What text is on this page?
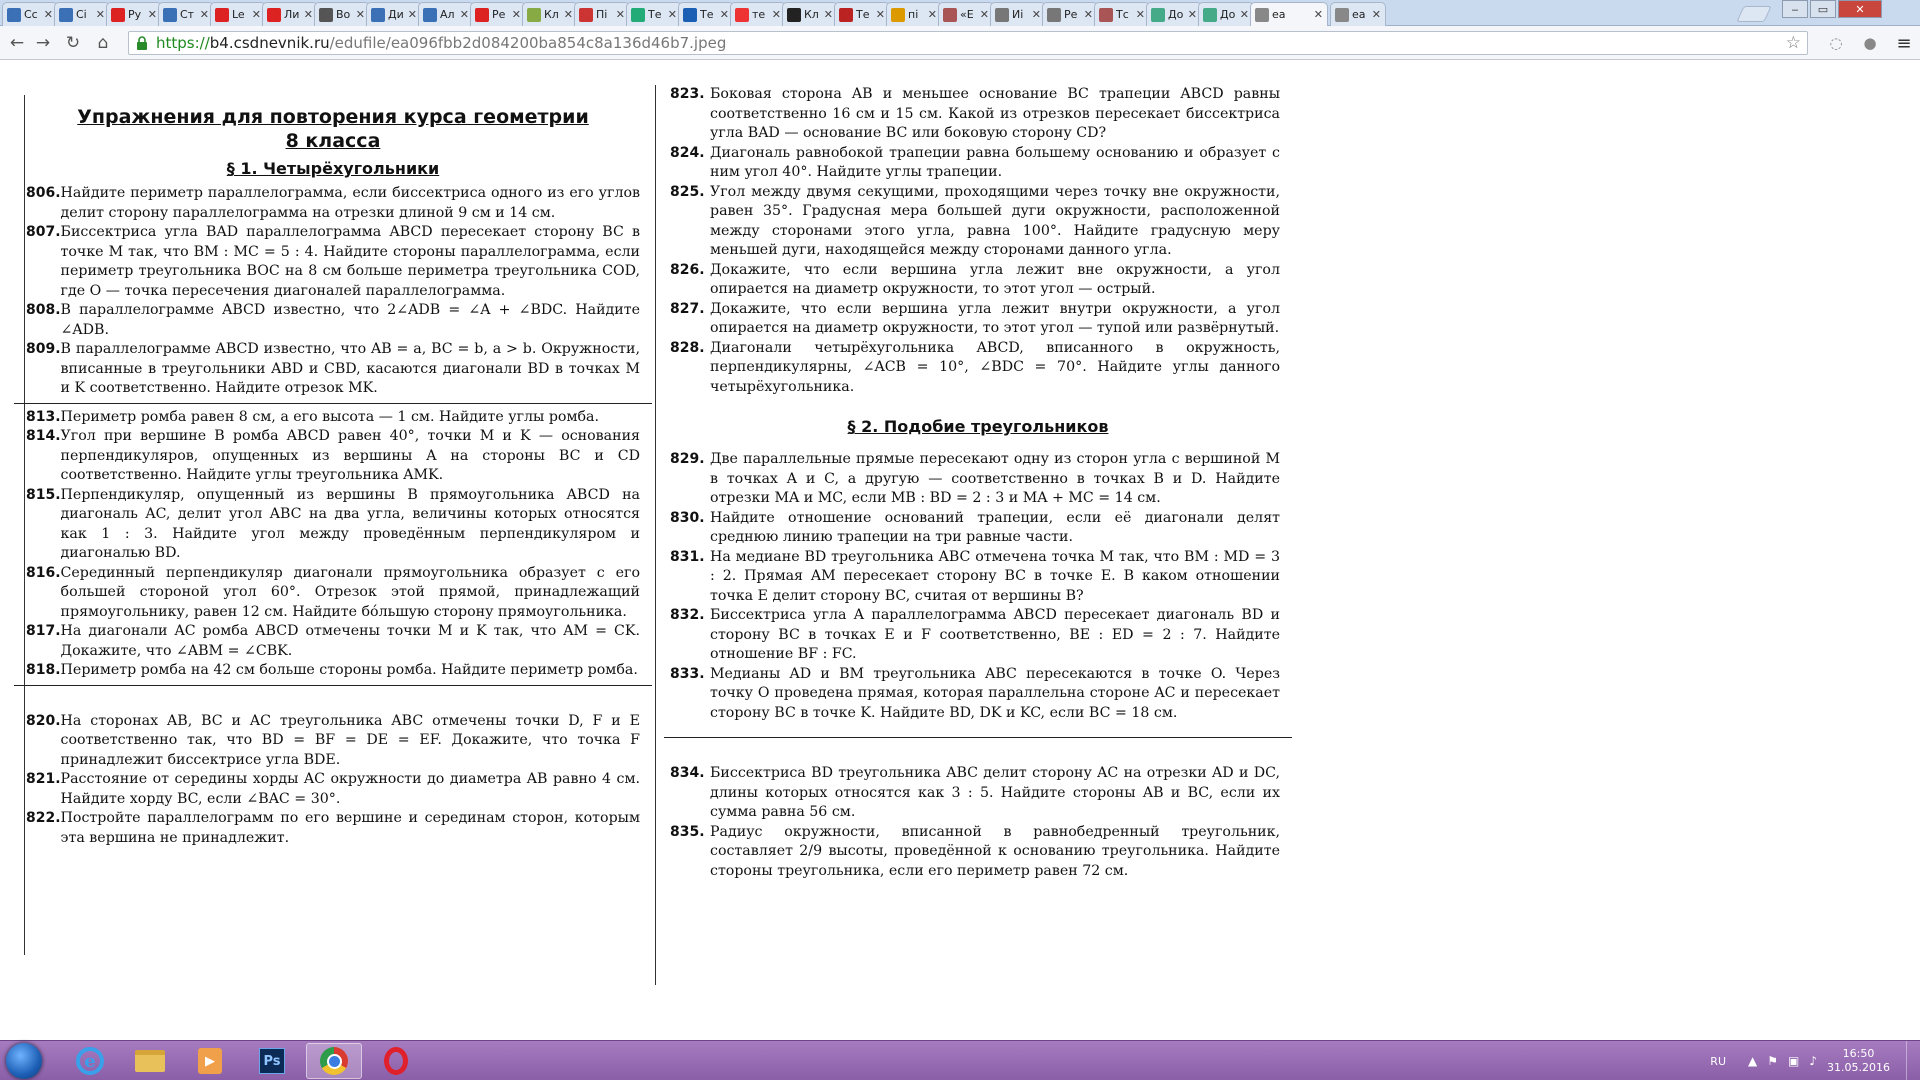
‒	▭	✕
Сс ✕ Сі ✕ Ру ✕ Ст ✕ Le ✕ Ли ✕ Во ✕ Ди ✕ Ал ✕ Ре ✕ Кл ✕ Пі ✕ Те ✕ Те ✕ те ✕ Кл ✕ Те ✕ пі ✕ «Е ✕ Иі ✕ Ре ✕ Тс ✕ До ✕ До ✕ ea	✕	ea ✕
← → ↻ ⌂	https:// b4.csdnevnik.ru /edufile/ea096fbb2d084200ba854c8a136d46b7.jpeg	☆ ◌ ● ≡
Упражнения для повторения курса геометрии
8 класса
§ 1. Четырёхугольники
806. Найдите периметр параллелограмма, если биссектриса одного из его углов делит сторону параллелограмма на отрезки длиной 9 см и 14 см.
807. Биссектриса угла BAD параллелограмма ABCD пересекает сторону BC в точке M так, что BM : MC = 5 : 4. Найдите стороны параллелограмма, если периметр треугольника BOC на 8 см больше периметра треугольника COD, где O — точка пересечения диагоналей параллелограмма.
808. В параллелограмме ABCD известно, что 2∠ADB = ∠A + ∠BDC. Найдите ∠ADB.
809. В параллелограмме ABCD известно, что AB = a, BC = b, a > b. Окружности, вписанные в треугольники ABD и CBD, касаются диагонали BD в точках M и K соответственно. Найдите отрезок MK.
813. Периметр ромба равен 8 см, а его высота — 1 см. Найдите углы ромба.
814. Угол при вершине B ромба ABCD равен 40°, точки M и K — основания перпендикуляров, опущенных из вершины A на стороны BC и CD соответственно. Найдите углы треугольника AMK.
815. Перпендикуляр, опущенный из вершины B прямоугольника ABCD на диагональ AC, делит угол ABC на два угла, величины которых относятся как 1 : 3. Найдите угол между проведённым перпендикуляром и диагональю BD.
816. Серединный перпендикуляр диагонали прямоугольника образует с его большей стороной угол 60°. Отрезок этой прямой, принадлежащий прямоугольнику, равен 12 см. Найдите бóльшую сторону прямоугольника.
817. На диагонали AC ромба ABCD отмечены точки M и K так, что AM = CK. Докажите, что ∠ABM = ∠CBK.
818. Периметр ромба на 42 см больше стороны ромба. Найдите периметр ромба.
820. На сторонах AB, BC и AC треугольника ABC отмечены точки D, F и E соответственно так, что BD = BF = DE = EF. Докажите, что точка F принадлежит биссектрисе угла BDE.
821. Расстояние от середины хорды AC окружности до диаметра AB равно 4 см. Найдите хорду BC, если ∠BAC = 30°.
822. Постройте параллелограмм по его вершине и серединам сторон, которым эта вершина не принадлежит.
823. Боковая сторона AB и меньшее основание BC трапеции ABCD равны соответственно 16 см и 15 см. Какой из отрезков пересекает биссектриса угла BAD — основание BC или боковую сторону CD?
824. Диагональ равнобокой трапеции равна большему основанию и образует с ним угол 40°. Найдите углы трапеции.
825. Угол между двумя секущими, проходящими через точку вне окружности, равен 35°. Градусная мера большей дуги окружности, расположенной между сторонами этого угла, равна 100°. Найдите градусную меру меньшей дуги, находящейся между сторонами данного угла.
826. Докажите, что если вершина угла лежит вне окружности, а угол опирается на диаметр окружности, то этот угол — острый.
827. Докажите, что если вершина угла лежит внутри окружности, а угол опирается на диаметр окружности, то этот угол — тупой или развёрнутый.
828. Диагонали четырёхугольника ABCD, вписанного в окружность, перпендикулярны, ∠ACB = 10°, ∠BDC = 70°. Найдите углы данного четырёхугольника.
§ 2. Подобие треугольников
829. Две параллельные прямые пересекают одну из сторон угла с вершиной M в точках A и C, а другую — соответственно в точках B и D. Найдите отрезки MA и MC, если MB : BD = 2 : 3 и MA + MC = 14 см.
830. Найдите отношение оснований трапеции, если её диагонали делят среднюю линию трапеции на три равные части.
831. На медиане BD треугольника ABC отмечена точка M так, что BM : MD = 3 : 2. Прямая AM пересекает сторону BC в точке E. В каком отношении точка E делит сторону BC, считая от вершины B?
832. Биссектриса угла A параллелограмма ABCD пересекает диагональ BD и сторону BC в точках E и F соответственно, BE : ED = 2 : 7. Найдите отношение BF : FC.
833. Медианы AD и BM треугольника ABC пересекаются в точке O. Через точку O проведена прямая, которая параллельна стороне AC и пересекает сторону BC в точке K. Найдите BD, DK и KC, если BC = 18 см.
834. Биссектриса BD треугольника ABC делит сторону AC на отрезки AD и DC, длины которых относятся как 3 : 5. Найдите стороны AB и BC, если их сумма равна 56 см.
835. Радиус окружности, вписанной в равнобедренный треугольник, составляет 2/9 высоты, проведённой к основанию треугольника. Найдите стороны треугольника, если его периметр равен 72 см.
e	▶	Ps	RU ▲ ⚑ ▣ ♪
16:50
31.05.2016
